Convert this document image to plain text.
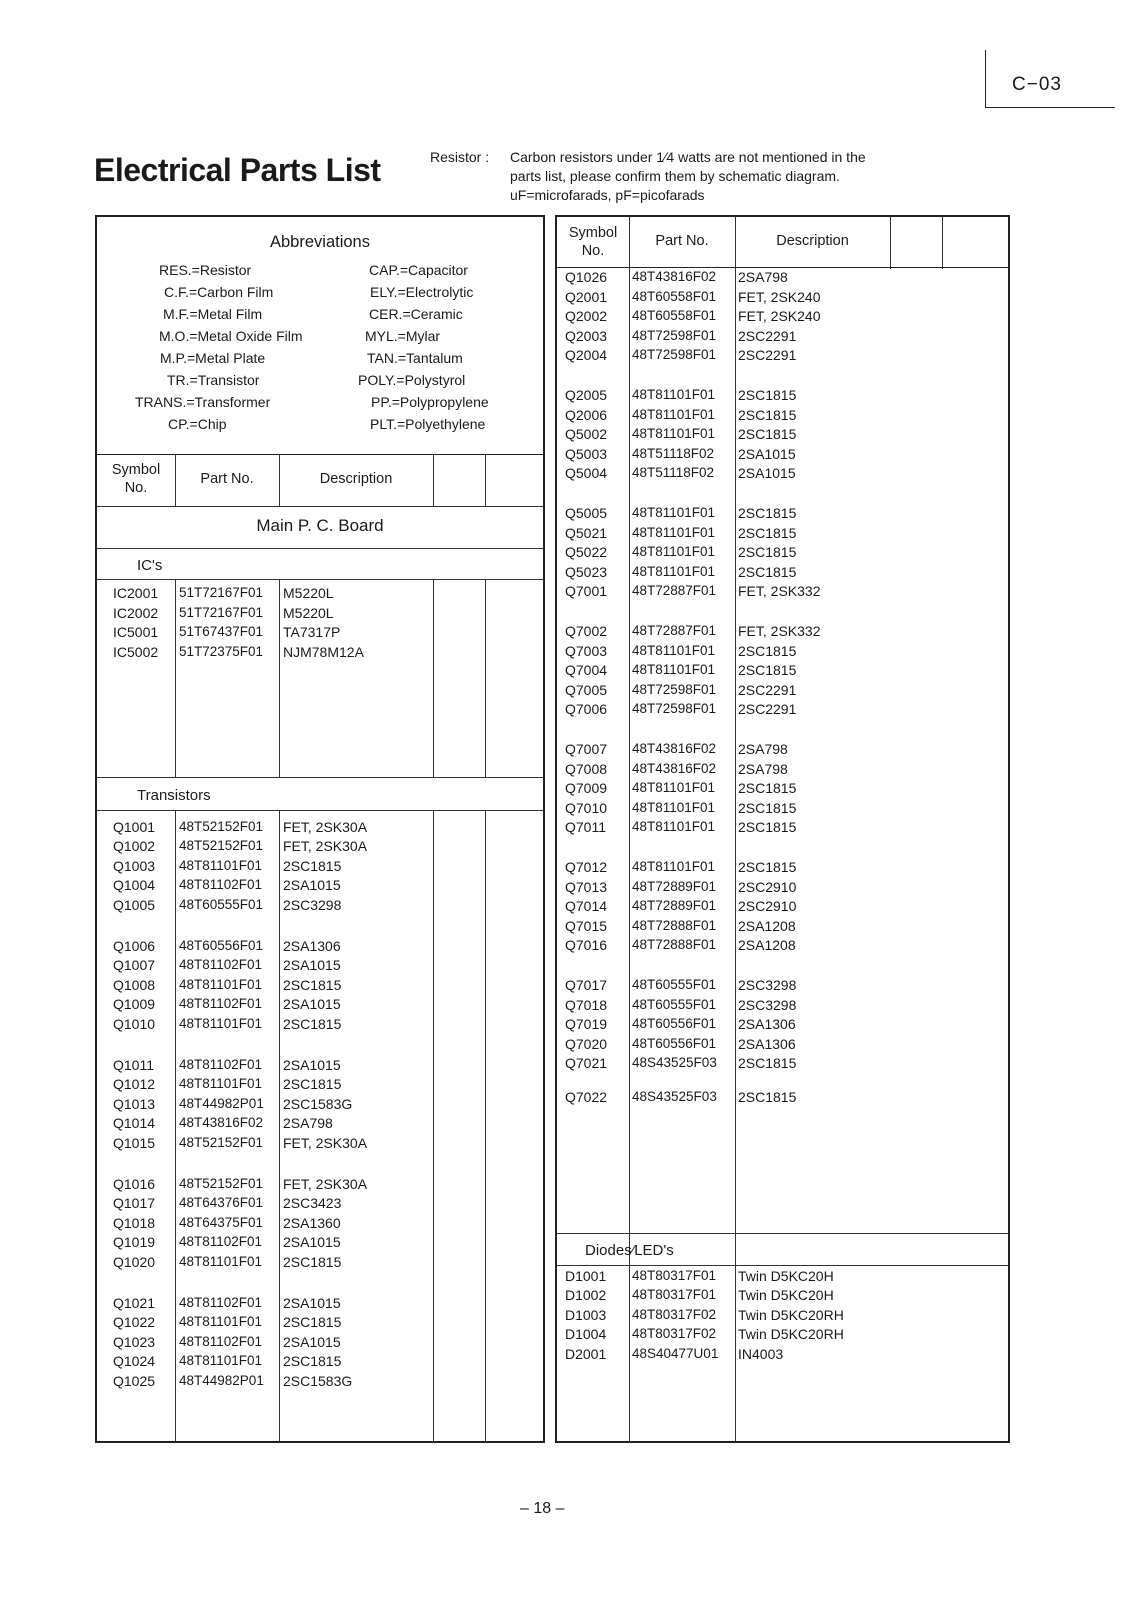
C−03
Electrical Parts List	Resistor : Carbon resistors under 1⁄4 watts are not mentioned in the
parts list, please confirm them by schematic diagram.
uF=microfarads, pF=picofarads
Abbreviations
RES.=Resistor
C.F.=Carbon Film
M.F.=Metal Film
M.O.=Metal Oxide Film
M.P.=Metal Plate
TR.=Transistor
TRANS.=Transformer
CP.=Chip
CAP.=Capacitor
ELY.=Electrolytic
CER.=Ceramic
MYL.=Mylar
TAN.=Tantalum
POLY.=Polystyrol
PP.=Polypropylene
PLT.=Polyethylene
Symbol
No.
Part No.	Description
Main P. C. Board
IC's
Transistors
IC2001 51T72167F01 M5220L
IC2002 51T72167F01 M5220L
IC5001 51T67437F01 TA7317P
IC5002 51T72375F01 NJM78M12A
Q1001 48T52152F01 FET, 2SK30A
Q1002 48T52152F01 FET, 2SK30A
Q1003 48T81101F01 2SC1815
Q1004 48T81102F01 2SA1015
Q1005 48T60555F01 2SC3298
Q1006 48T60556F01 2SA1306
Q1007 48T81102F01 2SA1015
Q1008 48T81101F01 2SC1815
Q1009 48T81102F01 2SA1015
Q1010 48T81101F01 2SC1815
Q1011 48T81102F01 2SA1015
Q1012 48T81101F01 2SC1815
Q1013 48T44982P01 2SC1583G
Q1014 48T43816F02 2SA798
Q1015 48T52152F01 FET, 2SK30A
Q1016 48T52152F01 FET, 2SK30A
Q1017 48T64376F01 2SC3423
Q1018 48T64375F01 2SA1360
Q1019 48T81102F01 2SA1015
Q1020 48T81101F01 2SC1815
Q1021 48T81102F01 2SA1015
Q1022 48T81101F01 2SC1815
Q1023 48T81102F01 2SA1015
Q1024 48T81101F01 2SC1815
Q1025 48T44982P01 2SC1583G
Symbol
No.
Part No.	Description
Diodes⁄LED's
Q1026 48T43816F02 2SA798
Q2001 48T60558F01 FET, 2SK240
Q2002 48T60558F01 FET, 2SK240
Q2003 48T72598F01 2SC2291
Q2004 48T72598F01 2SC2291
Q2005 48T81101F01 2SC1815
Q2006 48T81101F01 2SC1815
Q5002 48T81101F01 2SC1815
Q5003 48T51118F02 2SA1015
Q5004 48T51118F02 2SA1015
Q5005 48T81101F01 2SC1815
Q5021 48T81101F01 2SC1815
Q5022 48T81101F01 2SC1815
Q5023 48T81101F01 2SC1815
Q7001 48T72887F01 FET, 2SK332
Q7002 48T72887F01 FET, 2SK332
Q7003 48T81101F01 2SC1815
Q7004 48T81101F01 2SC1815
Q7005 48T72598F01 2SC2291
Q7006 48T72598F01 2SC2291
Q7007 48T43816F02 2SA798
Q7008 48T43816F02 2SA798
Q7009 48T81101F01 2SC1815
Q7010 48T81101F01 2SC1815
Q7011 48T81101F01 2SC1815
Q7012 48T81101F01 2SC1815
Q7013 48T72889F01 2SC2910
Q7014 48T72889F01 2SC2910
Q7015 48T72888F01 2SA1208
Q7016 48T72888F01 2SA1208
Q7017 48T60555F01 2SC3298
Q7018 48T60555F01 2SC3298
Q7019 48T60556F01 2SA1306
Q7020 48T60556F01 2SA1306
Q7021 48S43525F03 2SC1815
Q7022 48S43525F03 2SC1815
D1001 48T80317F01 Twin D5KC20H
D1002 48T80317F01 Twin D5KC20H
D1003 48T80317F02 Twin D5KC20RH
D1004 48T80317F02 Twin D5KC20RH
D2001 48S40477U01 IN4003
– 18 –
